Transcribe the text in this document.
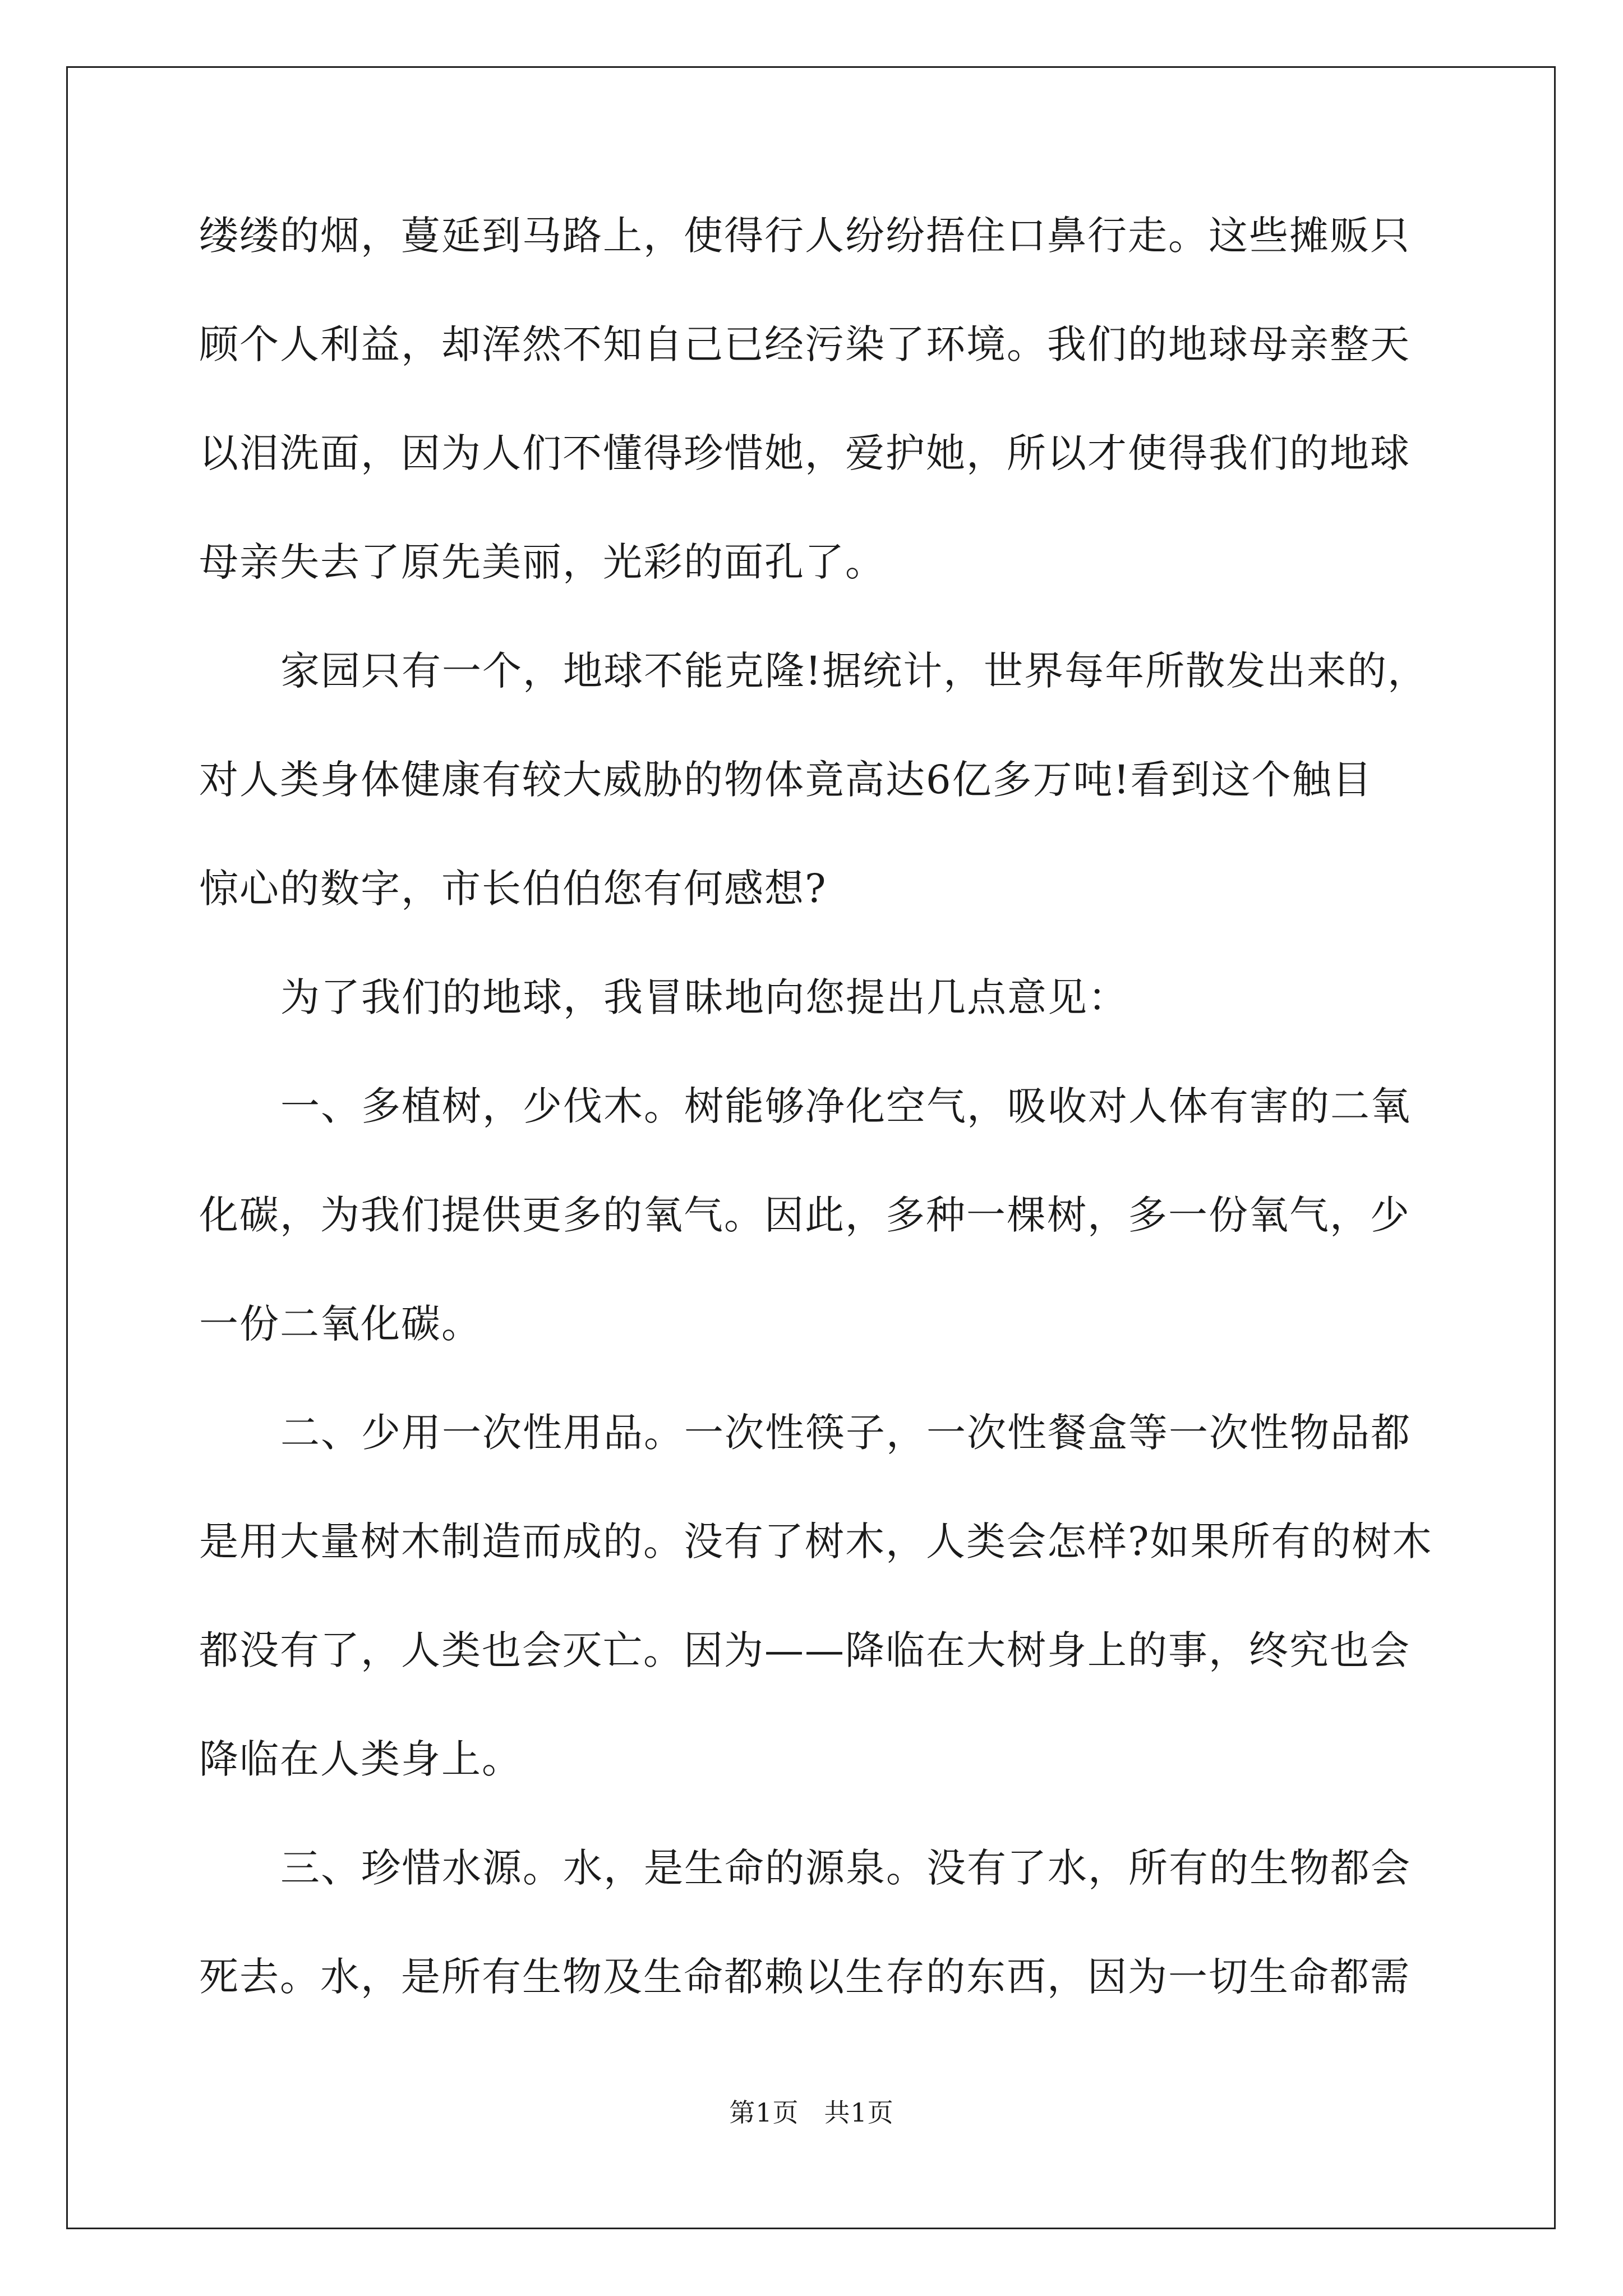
缕缕的烟，蔓延到马路上，使得行人纷纷捂住口鼻行走。这些摊贩只
顾个人利益，却浑然不知自己已经污染了环境。我们的地球母亲整天
以泪洗面，因为人们不懂得珍惜她，爱护她，所以才使得我们的地球
母亲失去了原先美丽，光彩的面孔了。
家园只有一个，地球不能克隆!据统计，世界每年所散发出来的，
对人类身体健康有较大威胁的物体竟高达6亿多万吨!看到这个触目
惊心的数字，市长伯伯您有何感想?
为了我们的地球，我冒昧地向您提出几点意见：
一、多植树，少伐木。树能够净化空气，吸收对人体有害的二氧
化碳，为我们提供更多的氧气。因此，多种一棵树，多一份氧气，少
一份二氧化碳。
二、少用一次性用品。一次性筷子，一次性餐盒等一次性物品都
是用大量树木制造而成的。没有了树木，人类会怎样?如果所有的树木
都没有了，人类也会灭亡。因为——降临在大树身上的事，终究也会
降临在人类身上。
三、珍惜水源。水，是生命的源泉。没有了水，所有的生物都会
死去。水，是所有生物及生命都赖以生存的东西，因为一切生命都需
第1页 共1页
